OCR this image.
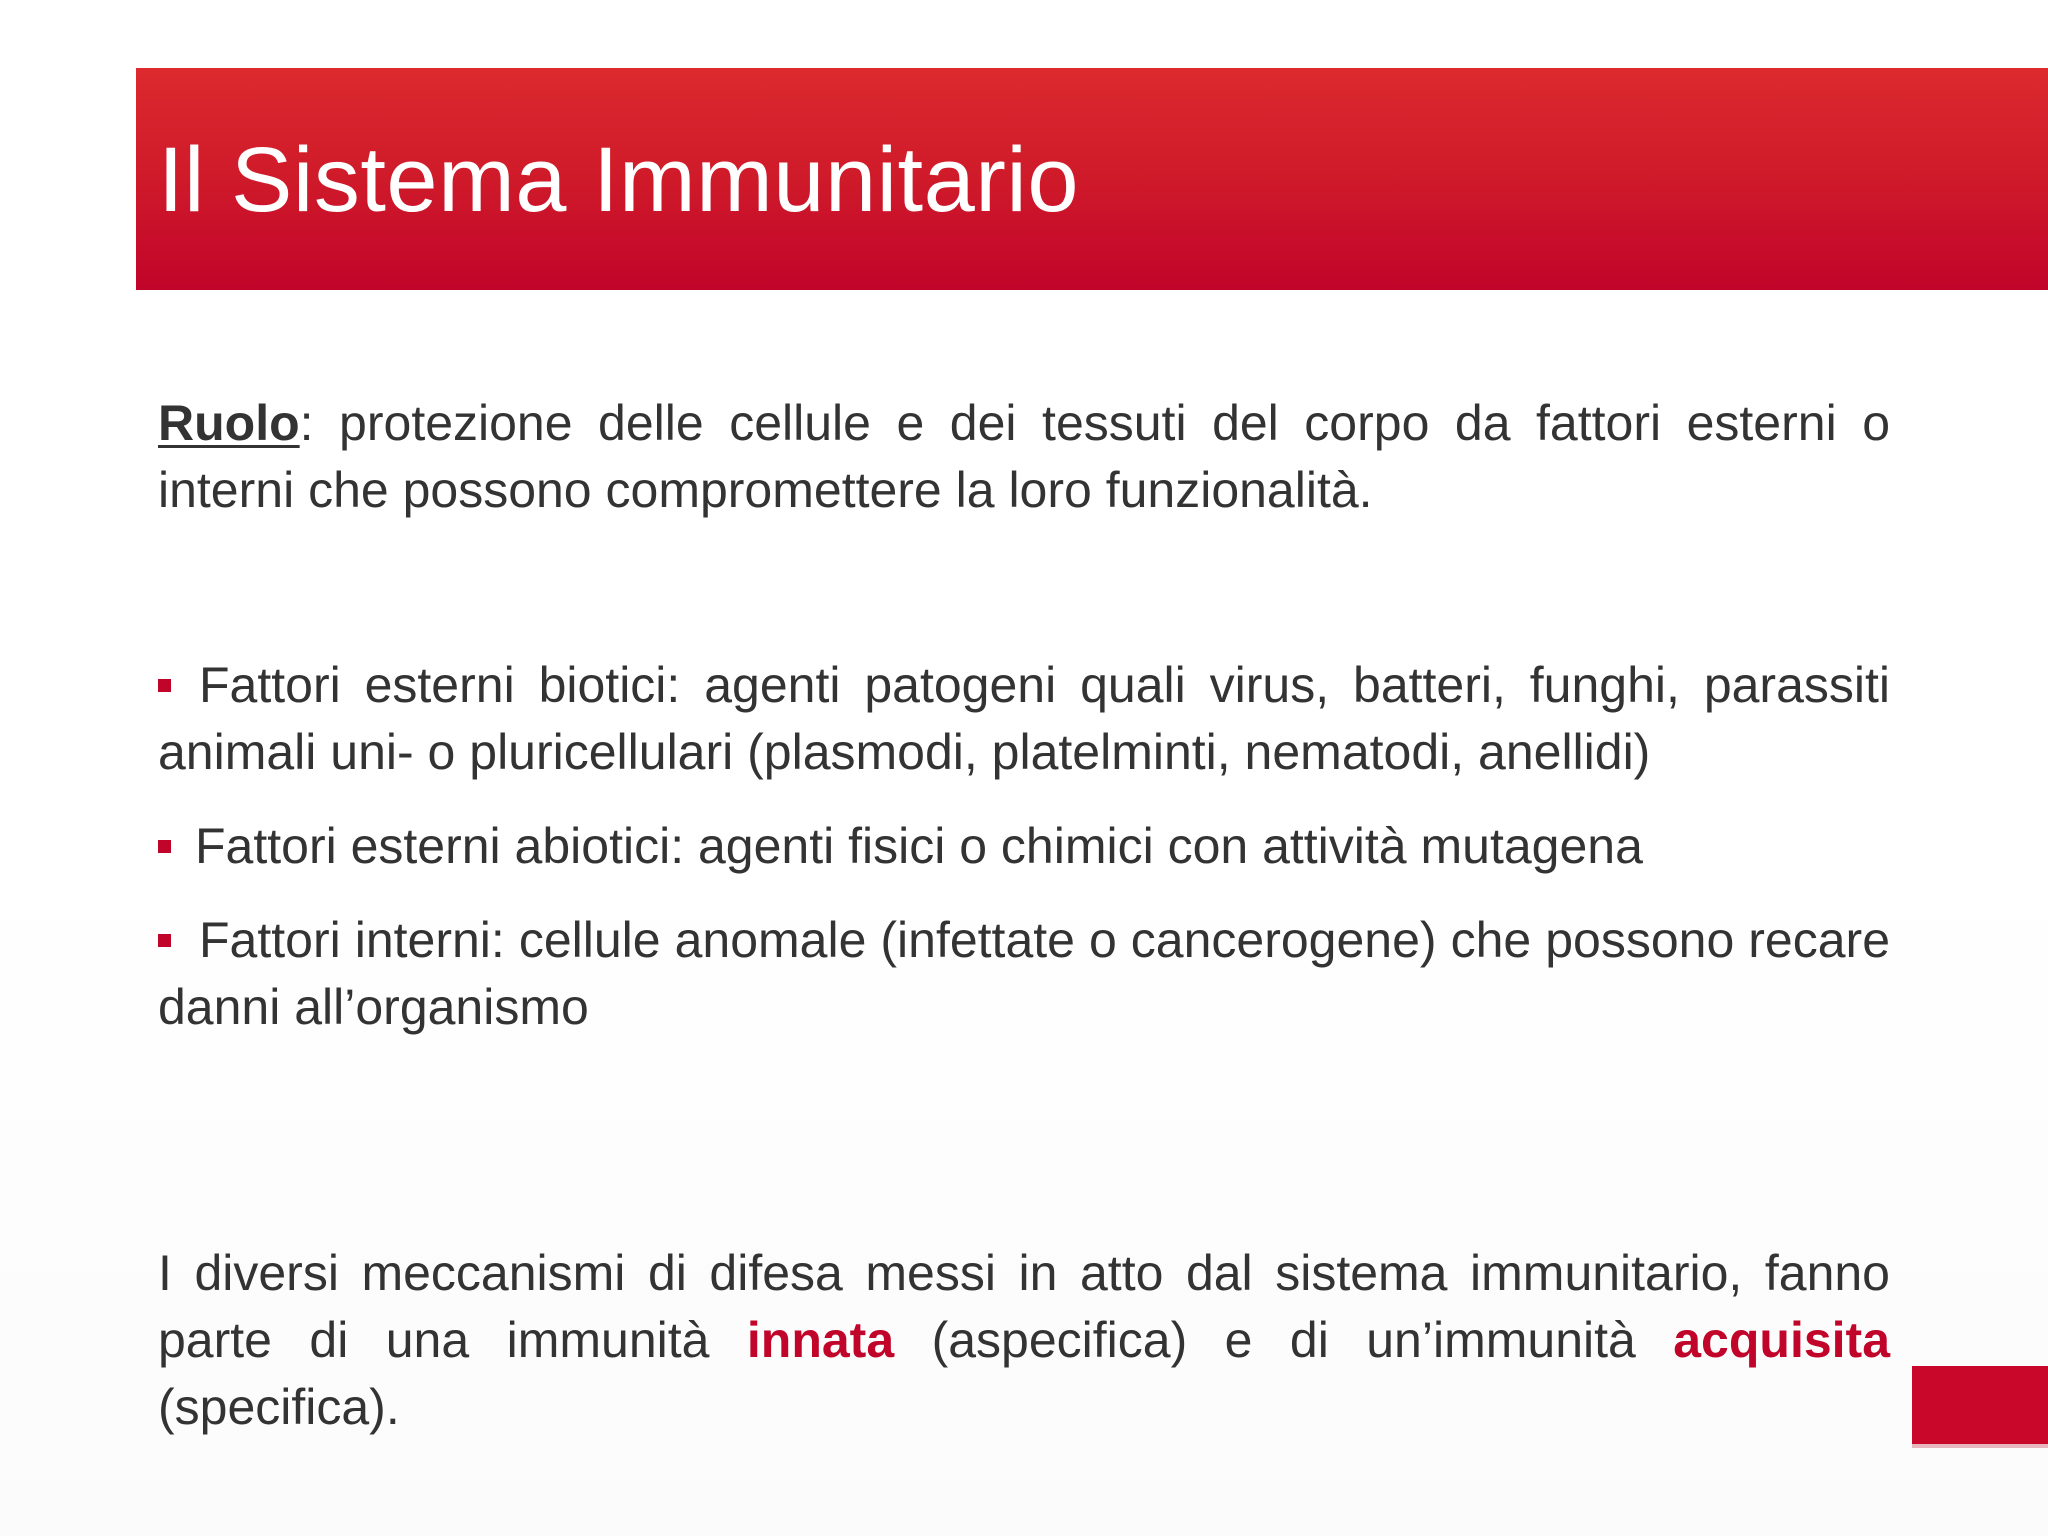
Il Sistema Immunitario

Ruolo: protezione delle cellule e dei tessuti del corpo da fattori esterni o interni che possono compromettere la loro funzionalità.

Fattori esterni biotici: agenti patogeni quali virus, batteri, funghi, parassiti animali uni- o pluricellulari (plasmodi, platelminti, nematodi, anellidi)

Fattori esterni abiotici: agenti fisici o chimici con attività mutagena

Fattori interni: cellule anomale (infettate o cancerogene) che possono recare danni all’organismo

I diversi meccanismi di difesa messi in atto dal sistema immunitario, fanno parte di una immunità innata (aspecifica) e di un’immunità acquisita (specifica).
